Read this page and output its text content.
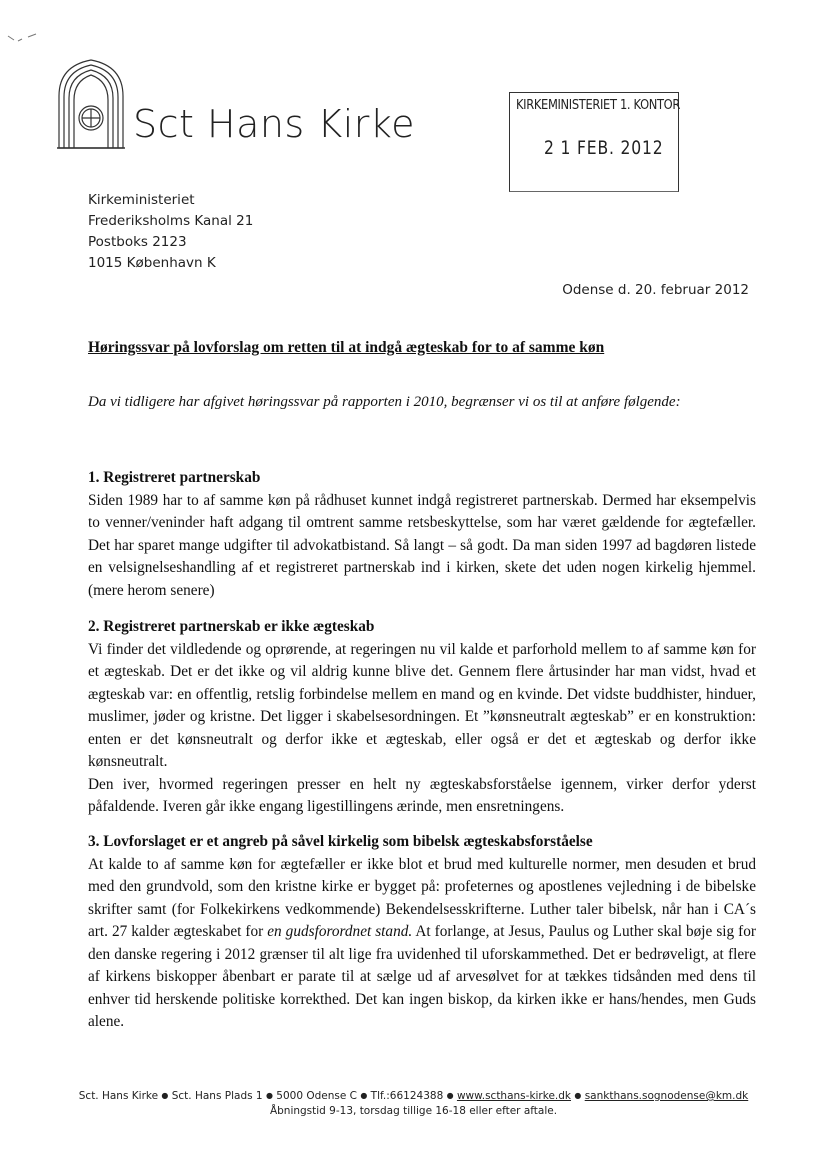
Sct Hans Kirke	KIRKEMINISTERIET 1. KONTOR
2 1 FEB. 2012
Kirkeministeriet
Frederiksholms Kanal 21
Postboks 2123
1015 København K
Odense d. 20. februar 2012
Høringssvar på lovforslag om retten til at indgå ægteskab for to af samme køn
Da vi tidligere har afgivet høringssvar på rapporten i 2010, begrænser vi os til at anføre følgende:
1. Registreret partnerskab

Siden 1989 har to af samme køn på rådhuset kunnet indgå registreret partnerskab. Dermed har eksempelvis to venner/veninder haft adgang til omtrent samme retsbeskyttelse, som har været gældende for ægtefæller. Det har sparet mange udgifter til advokatbistand. Så langt – så godt. Da man siden 1997 ad bagdøren listede en velsignelseshandling af et registreret partnerskab ind i kirken, skete det uden nogen kirkelig hjemmel. (mere herom senere)

2. Registreret partnerskab er ikke ægteskab

Vi finder det vildledende og oprørende, at regeringen nu vil kalde et parforhold mellem to af samme køn for et ægteskab. Det er det ikke og vil aldrig kunne blive det. Gennem flere årtusinder har man vidst, hvad et ægteskab var: en offentlig, retslig forbindelse mellem en mand og en kvinde. Det vidste buddhister, hinduer, muslimer, jøder og kristne. Det ligger i skabelsesordningen. Et ”kønsneutralt ægteskab” er en konstruktion: enten er det kønsneutralt og derfor ikke et ægteskab, eller også er det et ægteskab og derfor ikke kønsneutralt.

Den iver, hvormed regeringen presser en helt ny ægteskabsforståelse igennem, virker derfor yderst påfaldende. Iveren går ikke engang ligestillingens ærinde, men ensretningens.

3. Lovforslaget er et angreb på såvel kirkelig som bibelsk ægteskabsforståelse

At kalde to af samme køn for ægtefæller er ikke blot et brud med kulturelle normer, men desuden et brud med den grundvold, som den kristne kirke er bygget på: profeternes og apostlenes vejledning i de bibelske skrifter samt (for Folkekirkens vedkommende) Bekendelsesskrifterne. Luther taler bibelsk, når han i CA´s art. 27 kalder ægteskabet for en gudsforordnet stand. At forlange, at Jesus, Paulus og Luther skal bøje sig for den danske regering i 2012 grænser til alt lige fra uvidenhed til uforskammethed. Det er bedrøveligt, at flere af kirkens biskopper åbenbart er parate til at sælge ud af arvesølvet for at tækkes tidsånden med dens til enhver tid herskende politiske korrekthed. Det kan ingen biskop, da kirken ikke er hans/hendes, men Guds alene.

Sct. Hans Kirke ● Sct. Hans Plads 1 ● 5000 Odense C ● Tlf.:66124388 ● www.scthans-kirke.dk ● sankthans.sognodense@km.dk
Åbningstid 9-13, torsdag tillige 16-18 eller efter aftale.
